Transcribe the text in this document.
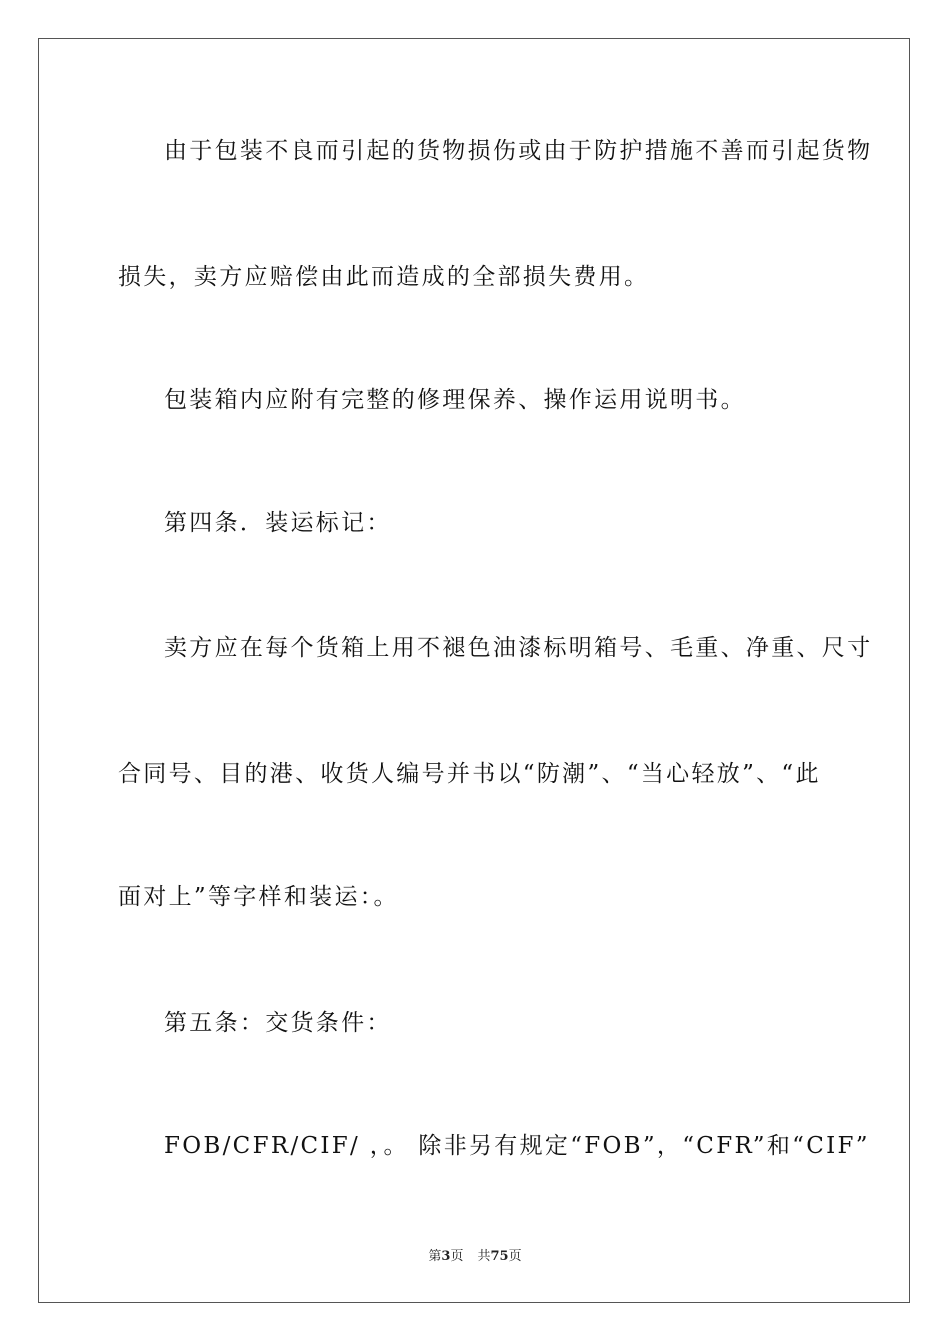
由于包装不良而引起的货物损伤或由于防护措施不善而引起货物
损失，卖方应赔偿由此而造成的全部损失费用。
包装箱内应附有完整的修理保养、操作运用说明书。
第四条．装运标记：
卖方应在每个货箱上用不褪色油漆标明箱号、毛重、净重、尺寸
合同号、目的港、收货人编号并书以“防潮”、“当心轻放”、“此
面对上”等字样和装运：。
第五条：交货条件：
FOB/CFR/CIF/ ，。 除非另有规定“FOB”，“CFR”和“CIF”
第3页 共75页
